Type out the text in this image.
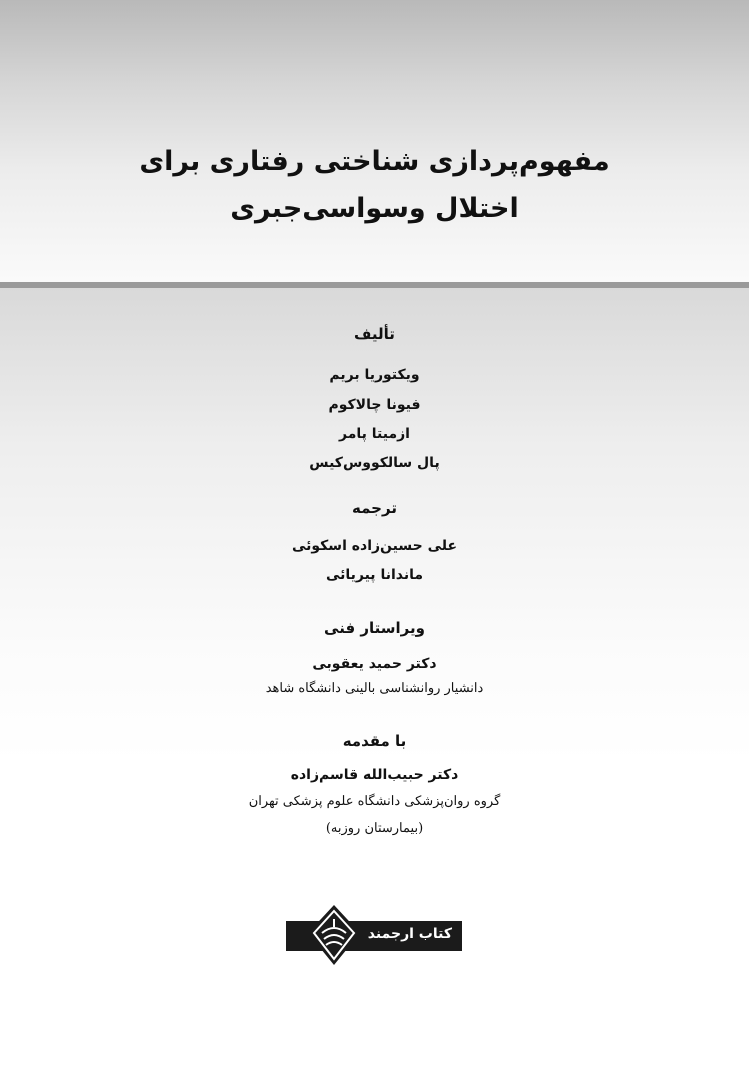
مفهوم‌پردازی شناختی رفتاری برای
اختلال وسواسی‌جبری
تألیف
ویکتوریا بریم
فیونا چالاکوم
ازمیتا پامر
پال سالکووس‌کیس
ترجمه
علی حسین‌زاده اسکوئی
ماندانا پیریائی
ویراستار فنی
دکتر حمید یعقوبی
دانشیار روانشناسی بالینی دانشگاه شاهد
با مقدمه
دکتر حبیب‌الله قاسم‌زاده
گروه روان‌پزشکی دانشگاه علوم پزشکی تهران
(بیمارستان روزبه)
کتاب ارجمند
